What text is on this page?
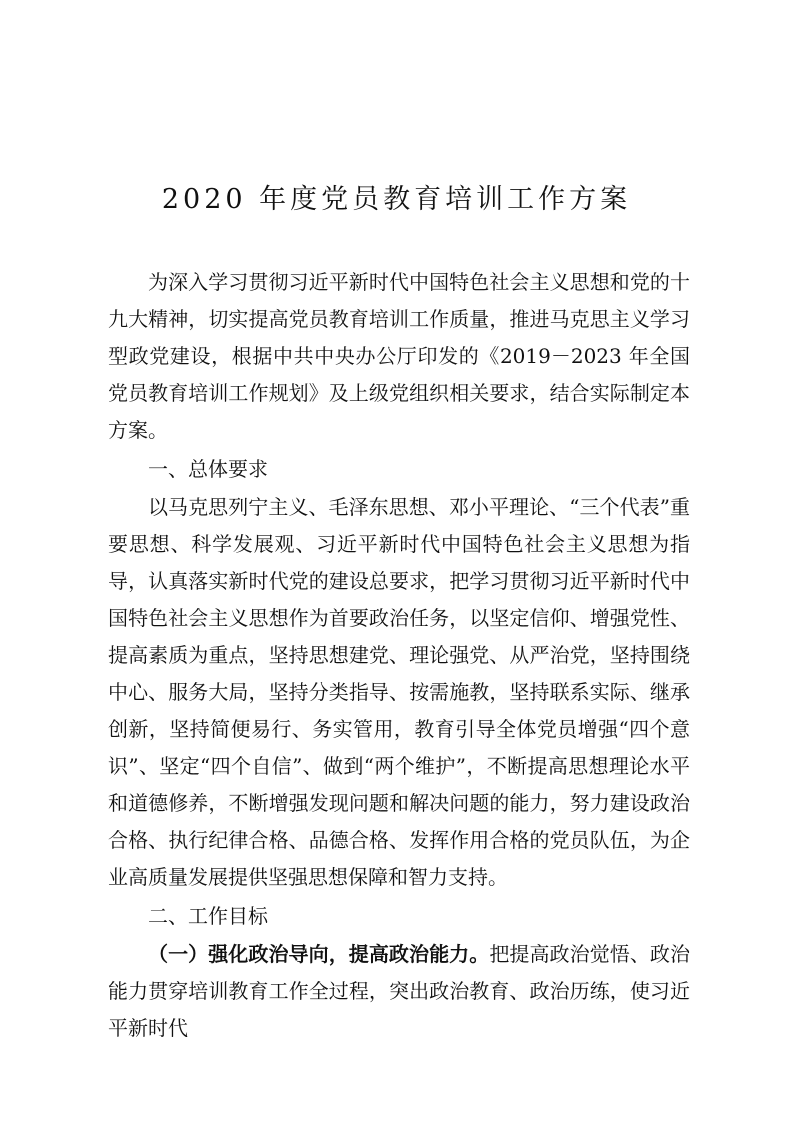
2020 年度党员教育培训工作方案

为深入学习贯彻习近平新时代中国特色社会主义思想和党的十九大精神，切实提高党员教育培训工作质量，推进马克思主义学习型政党建设，根据中共中央办公厅印发的《2019－2023 年全国党员教育培训工作规划》及上级党组织相关要求，结合实际制定本方案。

一、总体要求

以马克思列宁主义、毛泽东思想、邓小平理论、“三个代表”重要思想、科学发展观、习近平新时代中国特色社会主义思想为指导，认真落实新时代党的建设总要求，把学习贯彻习近平新时代中国特色社会主义思想作为首要政治任务，以坚定信仰、增强党性、提高素质为重点，坚持思想建党、理论强党、从严治党，坚持围绕中心、服务大局，坚持分类指导、按需施教，坚持联系实际、继承创新，坚持简便易行、务实管用，教育引导全体党员增强“四个意识”、坚定“四个自信”、做到“两个维护”，不断提高思想理论水平和道德修养，不断增强发现问题和解决问题的能力，努力建设政治合格、执行纪律合格、品德合格、发挥作用合格的党员队伍，为企业高质量发展提供坚强思想保障和智力支持。

二、工作目标

（一）强化政治导向，提高政治能力。把提高政治觉悟、政治能力贯穿培训教育工作全过程，突出政治教育、政治历练，使习近平新时代
